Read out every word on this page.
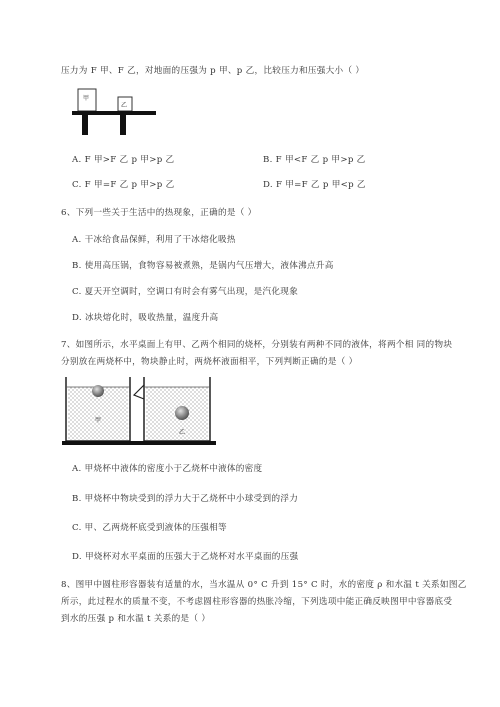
压力为 F 甲、F 乙，对地面的压强为 p 甲、p 乙，比较压力和压强大小（ ）
甲
乙
A. F 甲>F 乙 p 甲>p 乙	B. F 甲<F 乙 p 甲>p 乙
C. F 甲=F 乙 p 甲>p 乙	D. F 甲=F 乙 p 甲<p 乙
6、下列一些关于生活中的热现象，正确的是（ ）
A. 干冰给食品保鲜，利用了干冰熔化吸热
B. 使用高压锅，食物容易被煮熟，是锅内气压增大，液体沸点升高
C. 夏天开空调时，空调口有时会有雾气出现，是汽化现象
D. 冰块熔化时，吸收热量，温度升高
7、如图所示，水平桌面上有甲、乙两个相同的烧杯，分别装有两种不同的液体，将两个相 同的物块
分别放在两烧杯中，物块静止时，两烧杯液面相平，下列判断正确的是（ ）
甲
乙
A. 甲烧杯中液体的密度小于乙烧杯中液体的密度
B. 甲烧杯中物块受到的浮力大于乙烧杯中小球受到的浮力
C. 甲、乙两烧杯底受到液体的压强相等
D. 甲烧杯对水平桌面的压强大于乙烧杯对水平桌面的压强
8、图甲中圆柱形容器装有适量的水，当水温从 0° C 升到 15° C 时，水的密度 ρ 和水温 t 关系如图乙
所示，此过程水的质量不变，不考虑圆柱形容器的热胀冷缩，下列选项中能正确反映图甲中容器底受
到水的压强 p 和水温 t 关系的是（ ）
